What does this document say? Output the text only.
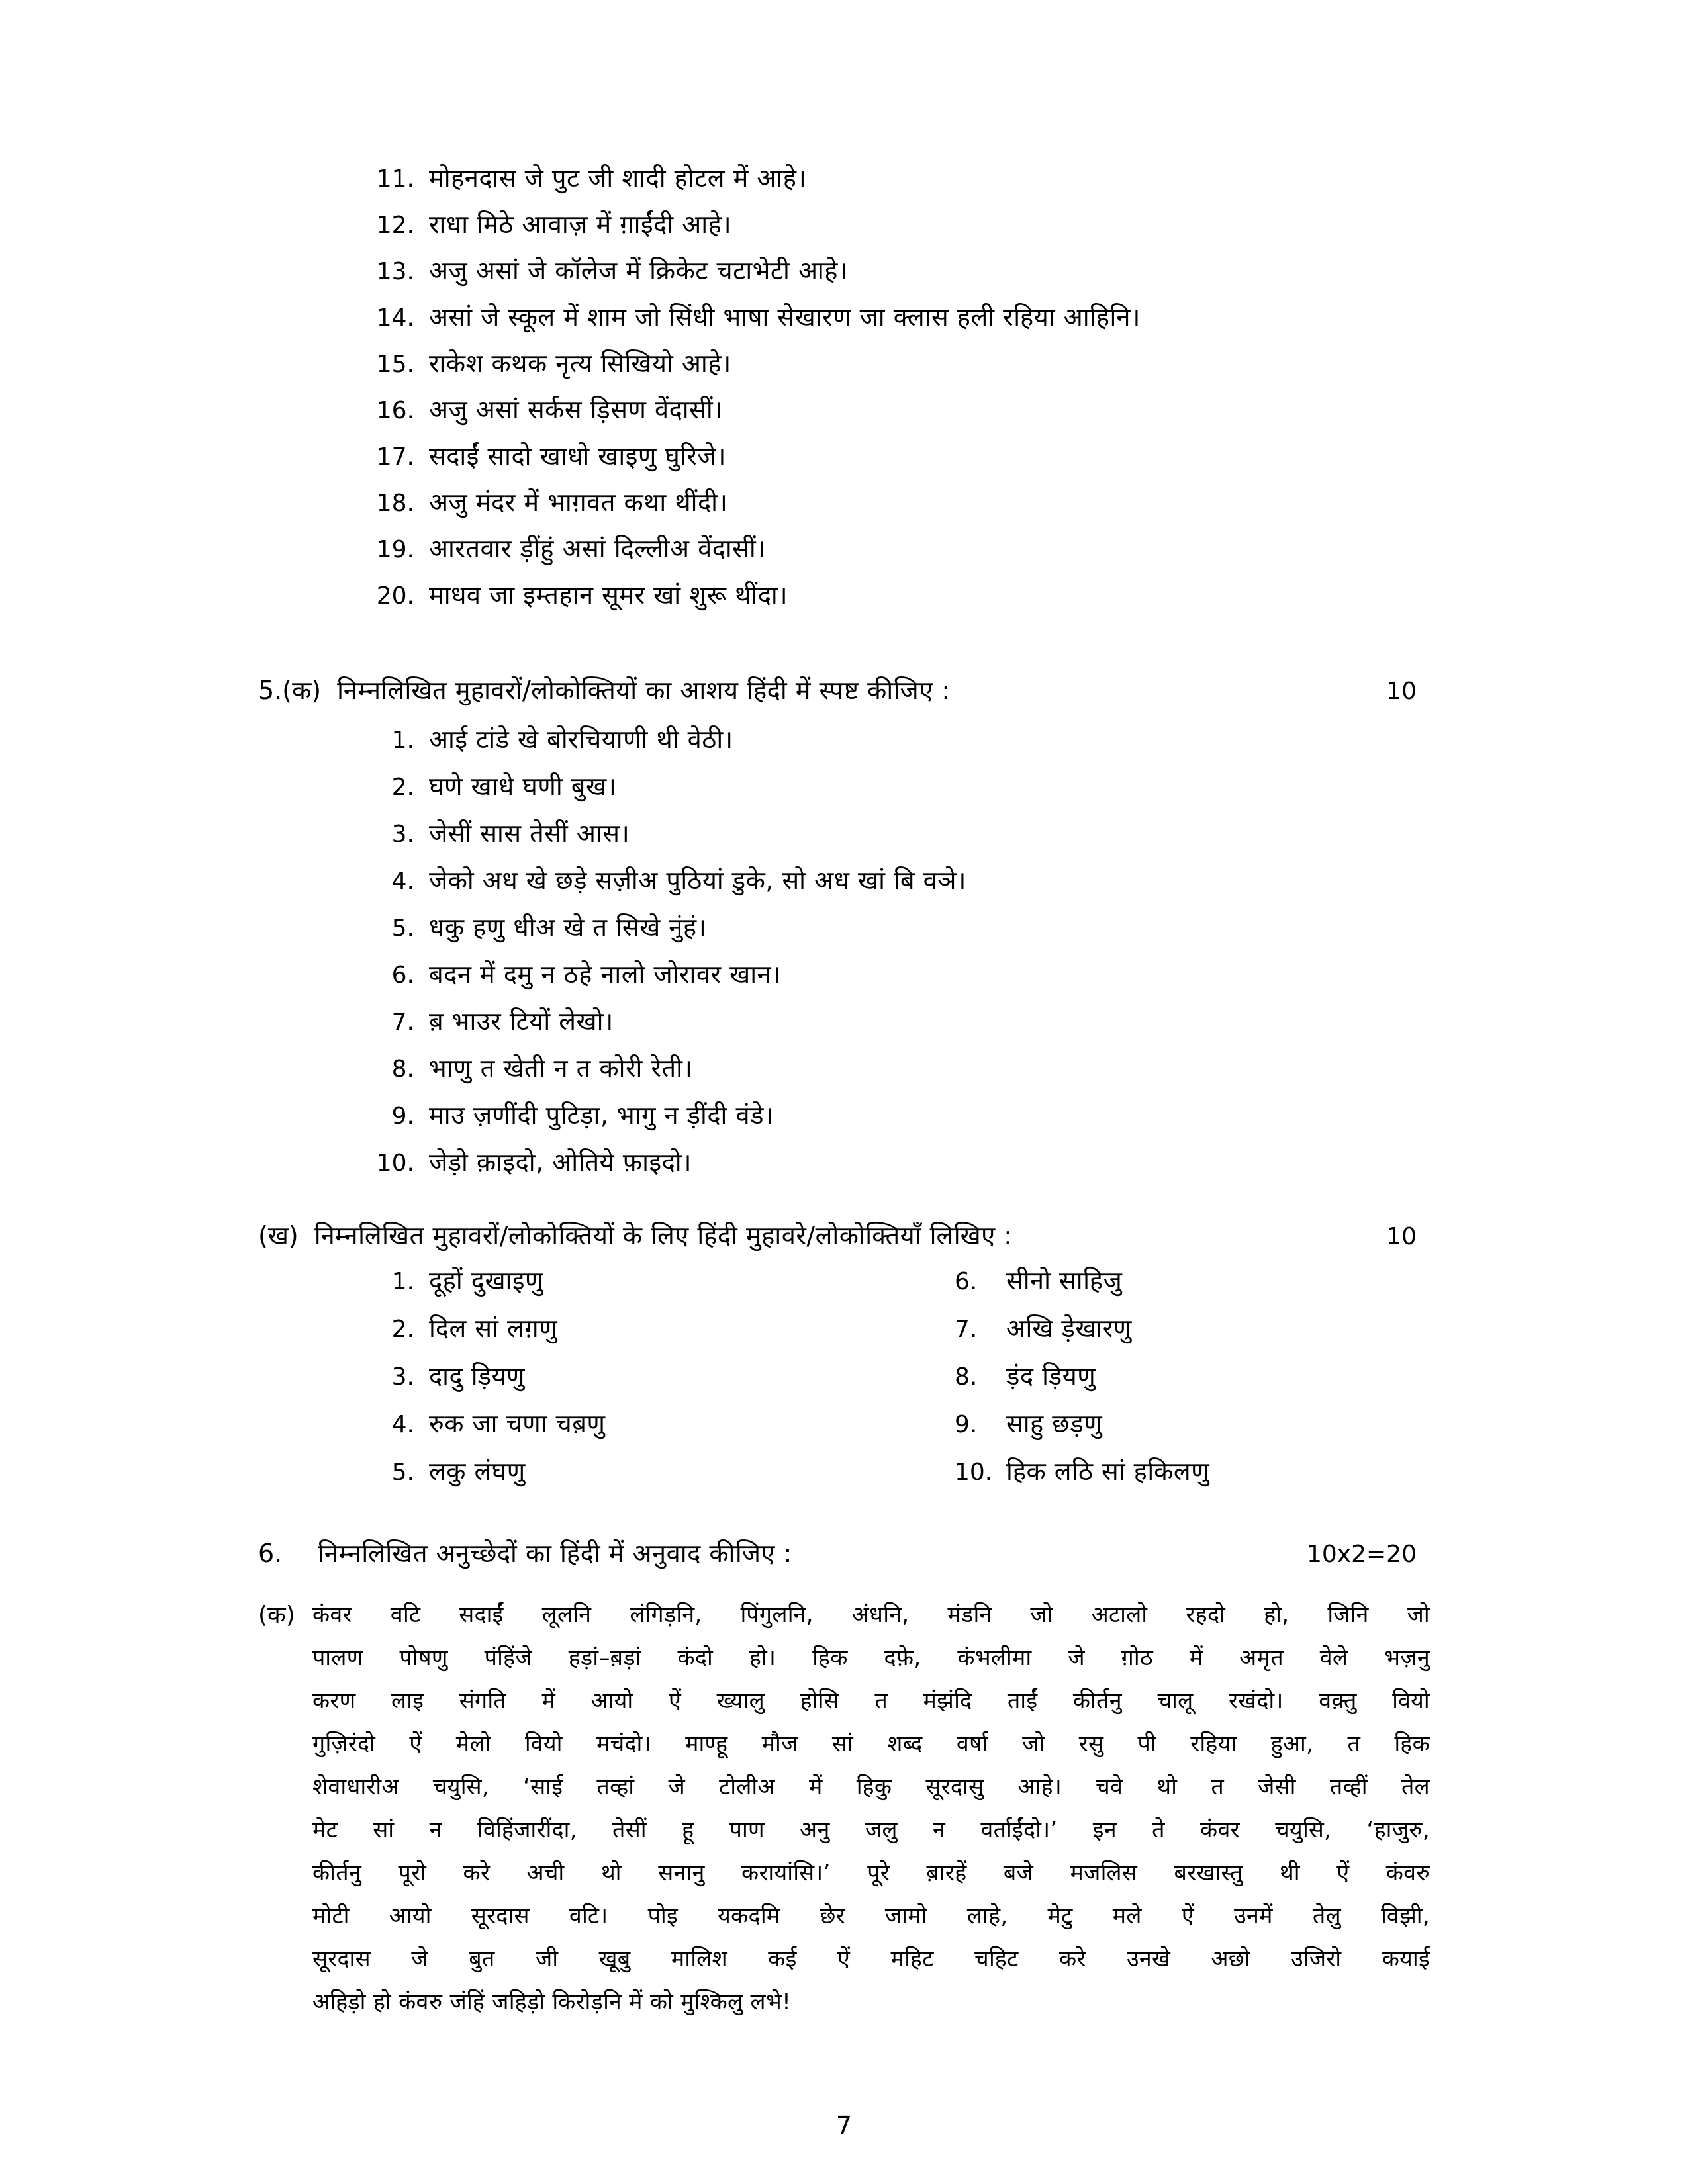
11. मोहनदास जे पुट जी शादी होटल में आहे।
12. राधा मिठे आवाज़ में ग़ाईंदी आहे।
13. अजु असां जे कॉलेज में क्रिकेट चटाभेटी आहे।
14. असां जे स्कूल में शाम जो सिंधी भाषा सेखारण जा क्लास हली रहिया आहिनि।
15. राकेश कथक नृत्य सिखियो आहे।
16. अजु असां सर्कस ड़िसण वेंदासीं।
17. सदाईं सादो खाधो खाइणु घुरिजे।
18. अजु मंदर में भाग़वत कथा थींदी।
19. आरतवार ड़ींहुं असां दिल्लीअ वेंदासीं।
20. माधव जा इम्तहान सूमर खां शुरू थींदा।
5.(क) निम्नलिखित मुहावरों/लोकोक्तियों का आशय हिंदी में स्पष्ट कीजिए :	10
1. आई टांडे खे बोरचियाणी थी वेठी।
2. घणे खाधे घणी बुख।
3. जेसीं सास तेसीं आस।
4. जेको अध खे छड़े सज़ीअ पुठियां डुके, सो अध खां बि वञे।
5. धकु हणु धीअ खे त सिखे नुंहं।
6. बदन में दमु न ठहे नालो जोरावर खान।
7. ब़ भाउर टियों लेखो।
8. भाणु त खेती न त कोरी रेती।
9. माउ ज़णींदी पुटिड़ा, भागु न ड़ींदी वंडे।
10. जेड़ो क़ाइदो, ओतिये फ़ाइदो।
(ख) निम्नलिखित मुहावरों/लोकोक्तियों के लिए हिंदी मुहावरे/लोकोक्तियाँ लिखिए :	10
1. दूहों दुखाइणु
2. दिल सां लग़णु
3. दादु ड़ियणु
4. रुक जा चणा चब़णु
5. लकु लंघणु
6.	सीनो साहिजु
7.	अखि ड़ेखारणु
8.	ड़ंद ड़ियणु
9.	साहु छड़णु
10. हिक लठि सां हकिलणु
6.	निम्नलिखित अनुच्छेदों का हिंदी में अनुवाद कीजिए :	10x2=20
(क) कंवर वटि सदाईं लूलनि लंगिड़नि, पिंगुलनि, अंधनि, मंडनि जो अटालो रहदो हो, जिनि जो
पालण पोषणु पंहिंजे हड़ां–ब़ड़ां कंदो हो। हिक दफ़े, कंभलीमा जे ग़ोठ में अमृत वेले भज़नु
करण लाइ संगति में आयो ऐं ख्यालु होसि त मंझंदि ताईं कीर्तनु चालू रखंदो। वक़्तु वियो
गुज़िरंदो ऐं मेलो वियो मचंदो। माण्हू मौज सां शब्द वर्षा जो रसु पी रहिया हुआ, त हिक
शेवाधारीअ चयुसि, ‘साई तव्हां जे टोलीअ में हिकु सूरदासु आहे। चवे थो त जेसी तव्हीं तेल
मेट सां न विहिंजारींदा, तेसीं हू पाण अनु जलु न वर्ताईंदो।’ इन ते कंवर चयुसि, ‘हाजुरु,
कीर्तनु पूरो करे अची थो सनानु करायांसि।’ पूरे ब़ारहें बजे मजलिस बरखास्तु थी ऐं कंवरु
मोटी आयो सूरदास वटि। पोइ यकदमि छेर जामो लाहे, मेटु मले ऐं उनमें तेलु विझी,
सूरदास जे बुत जी खूबु मालिश कई ऐं महिट चहिट करे उनखे अछो उजिरो कयाई
अहिड़ो हो कंवरु जंहिं जहिड़ो किरोड़नि में को मुश्किलु लभे!
7
